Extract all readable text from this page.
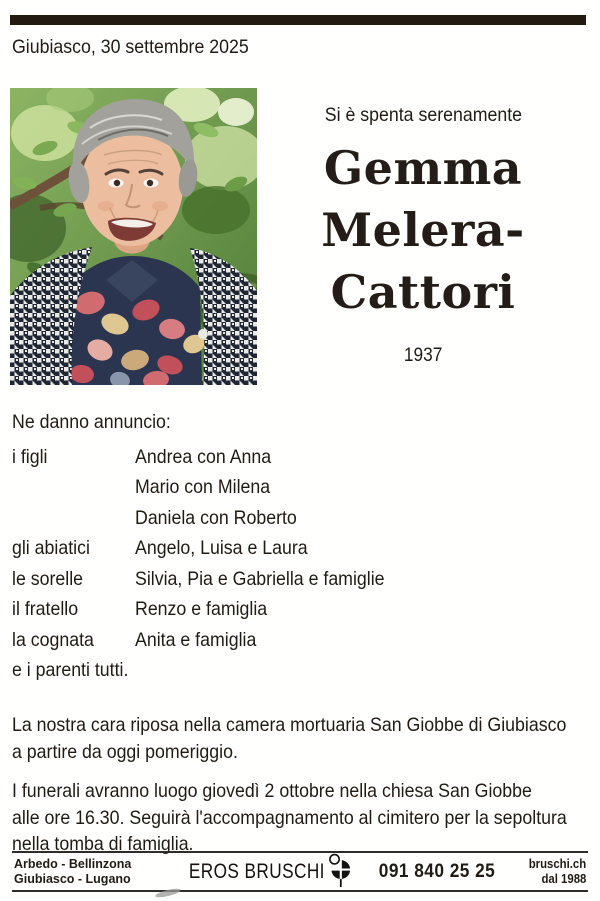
Giubiasco, 30 settembre 2025
Si è spenta serenamente
Gemma
Melera-
Cattori
1937
Ne danno annuncio:
i figli	Andrea con Anna
Mario con Milena
Daniela con Roberto
gli abiatici	Angelo, Luisa e Laura
le sorelle	Silvia, Pia e Gabriella e famiglie
il fratello	Renzo e famiglia
la cognata	Anita e famiglia
e i parenti tutti.
La nostra cara riposa nella camera mortuaria San Giobbe di Giubiasco
a partire da oggi pomeriggio.
I funerali avranno luogo giovedì 2 ottobre nella chiesa San Giobbe
alle ore 16.30. Seguirà l'accompagnamento al cimitero per la sepoltura
nella tomba di famiglia.
Arbedo - Bellinzona
Giubiasco - Lugano	EROS BRUSCHI	091 840 25 25	bruschi.ch
dal 1988
